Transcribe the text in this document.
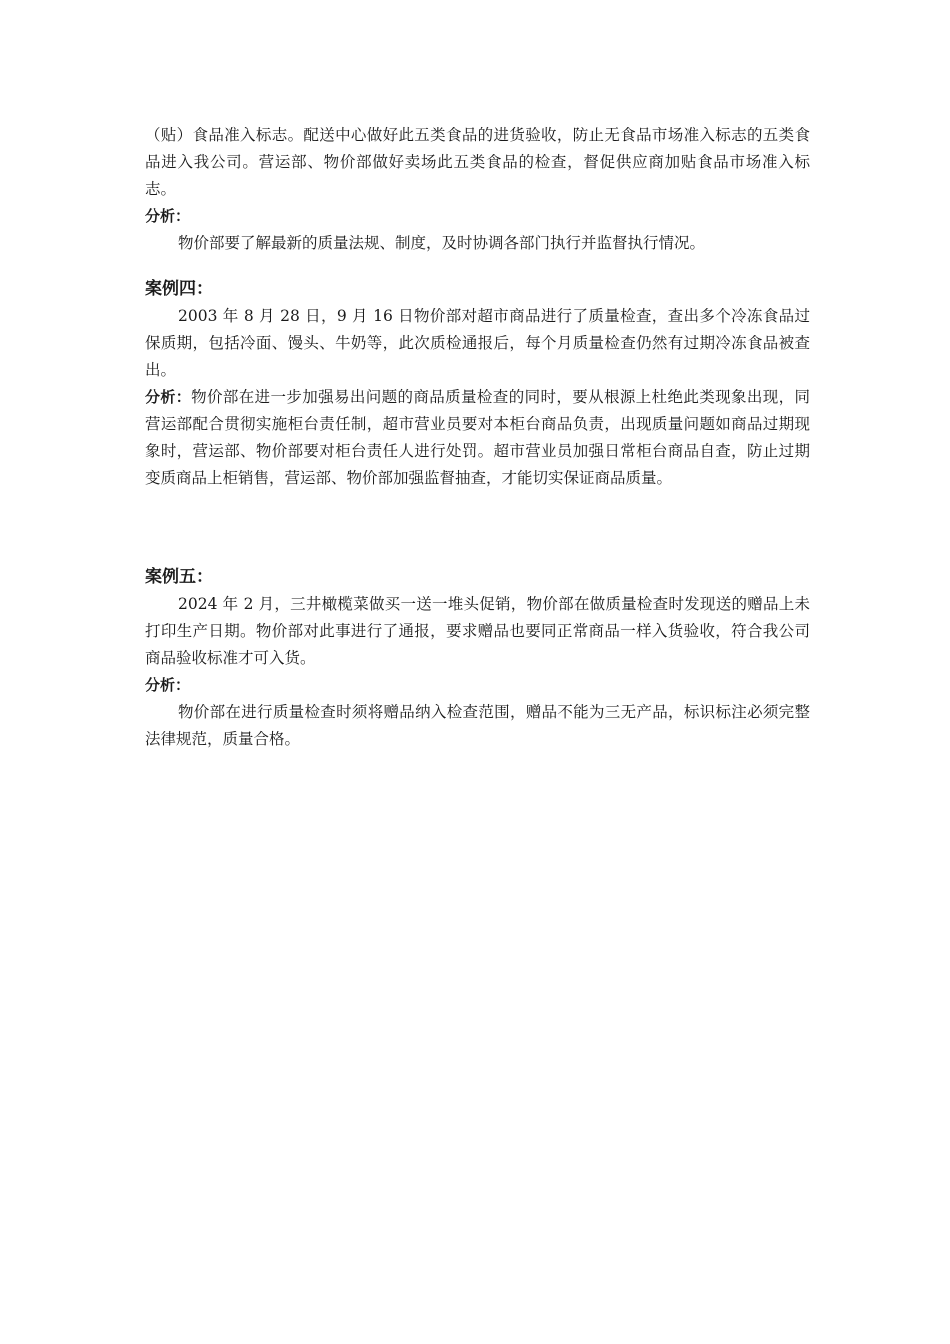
（贴）食品准入标志。配送中心做好此五类食品的进货验收，防止无食品市场准入标志的五类食品进入我公司。营运部、物价部做好卖场此五类食品的检查，督促供应商加贴食品市场准入标志。

分析：

物价部要了解最新的质量法规、制度，及时协调各部门执行并监督执行情况。

案例四：

2003 年 8 月 28 日，9 月 16 日物价部对超市商品进行了质量检查，查出多个冷冻食品过保质期，包括冷面、馒头、牛奶等，此次质检通报后，每个月质量检查仍然有过期冷冻食品被查出。

分析：物价部在进一步加强易出问题的商品质量检查的同时，要从根源上杜绝此类现象出现，同营运部配合贯彻实施柜台责任制，超市营业员要对本柜台商品负责，出现质量问题如商品过期现象时，营运部、物价部要对柜台责任人进行处罚。超市营业员加强日常柜台商品自查，防止过期变质商品上柜销售，营运部、物价部加强监督抽查，才能切实保证商品质量。

案例五：

2024 年 2 月，三井橄榄菜做买一送一堆头促销，物价部在做质量检查时发现送的赠品上未打印生产日期。物价部对此事进行了通报，要求赠品也要同正常商品一样入货验收，符合我公司商品验收标准才可入货。

分析：

物价部在进行质量检查时须将赠品纳入检查范围，赠品不能为三无产品，标识标注必须完整法律规范，质量合格。
